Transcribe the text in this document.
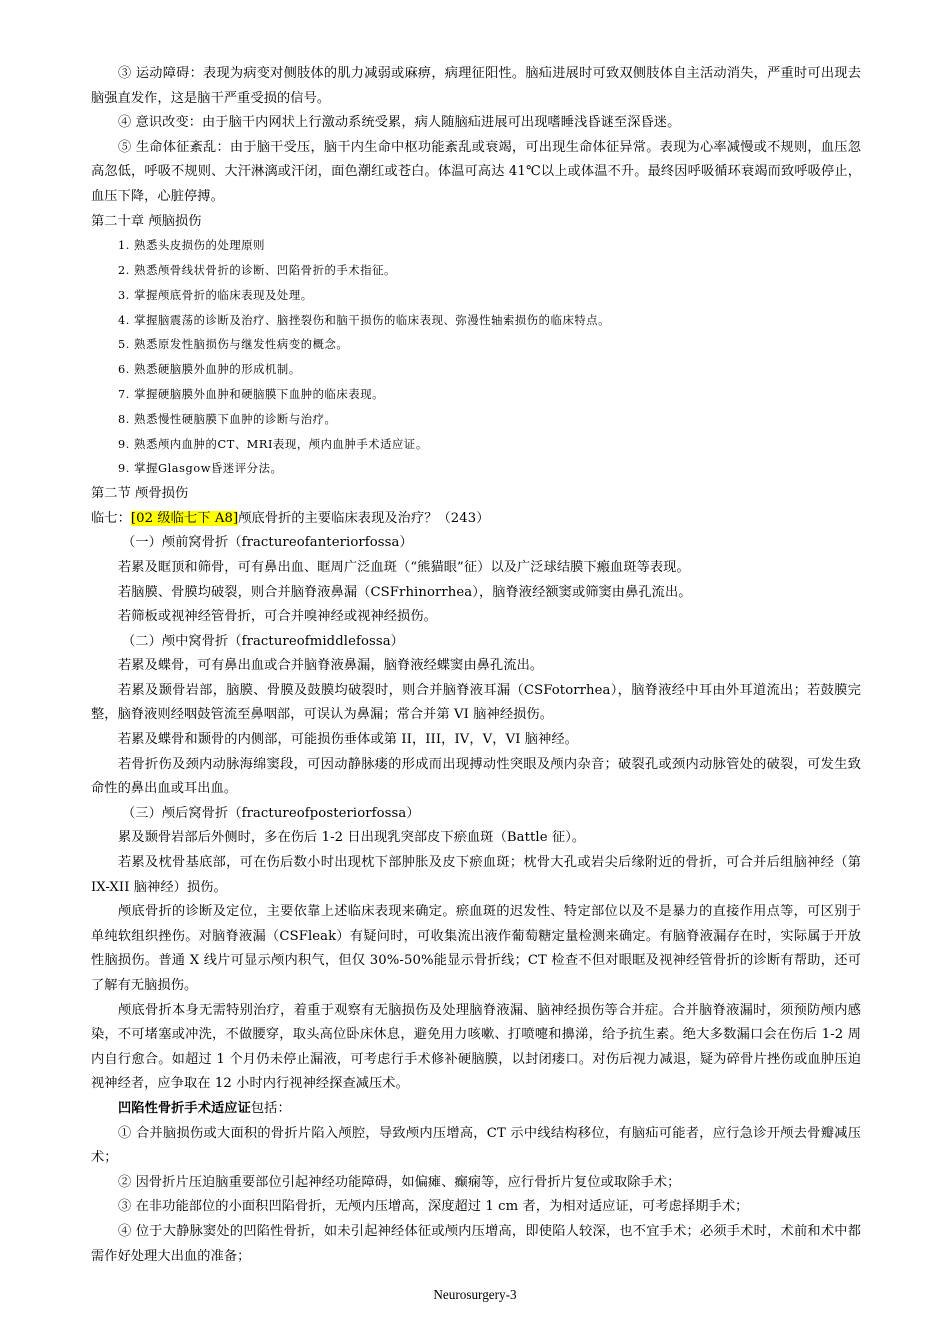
③ 运动障碍：表现为病变对侧肢体的肌力减弱或麻痹，病理征阳性。脑疝进展时可致双侧肢体自主活动消失，严重时可出现去脑强直发作，这是脑干严重受损的信号。

④ 意识改变：由于脑干内网状上行激动系统受累，病人随脑疝进展可出现嗜睡浅昏谜至深昏迷。

⑤ 生命体征紊乱：由于脑干受压，脑干内生命中枢功能紊乱或衰竭，可出现生命体征异常。表现为心率减慢或不规则，血压忽高忽低，呼吸不规则、大汗淋漓或汗闭，面色潮红或苍白。体温可高达 41℃以上或体温不升。最终因呼吸循环衰竭而致呼吸停止，血压下降，心脏停搏。

第二十章 颅脑损伤

1. 熟悉头皮损伤的处理原则

2. 熟悉颅骨线状骨折的诊断、凹陷骨折的手术指征。

3. 掌握颅底骨折的临床表现及处理。

4. 掌握脑震荡的诊断及治疗、脑挫裂伤和脑干损伤的临床表现、弥漫性轴索损伤的临床特点。

5. 熟悉原发性脑损伤与继发性病变的概念。

6. 熟悉硬脑膜外血肿的形成机制。

7. 掌握硬脑膜外血肿和硬脑膜下血肿的临床表现。

8. 熟悉慢性硬脑膜下血肿的诊断与治疗。

9. 熟悉颅内血肿的CT、MRI表现，颅内血肿手术适应证。

9. 掌握Glasgow昏迷评分法。

第二节 颅骨损伤

临七：[02 级临七下 A8]颅底骨折的主要临床表现及治疗？（243）

（一）颅前窝骨折（fractureofanteriorfossa）

若累及眶顶和筛骨，可有鼻出血、眶周广泛血斑（“熊猫眼”征）以及广泛球结膜下瘢血斑等表现。

若脑膜、骨膜均破裂，则合并脑脊液鼻漏（CSFrhinorrhea），脑脊液经额窦或筛窦由鼻孔流出。

若筛板或视神经管骨折，可合并嗅神经或视神经损伤。

（二）颅中窝骨折（fractureofmiddlefossa）

若累及蝶骨，可有鼻出血或合并脑脊液鼻漏，脑脊液经蝶窦由鼻孔流出。

若累及颞骨岩部，脑膜、骨膜及鼓膜均破裂时，则合并脑脊液耳漏（CSFotorrhea），脑脊液经中耳由外耳道流出；若鼓膜完整，脑脊液则经咽鼓管流至鼻咽部，可误认为鼻漏；常合并第 VI 脑神经损伤。

若累及蝶骨和颞骨的内侧部，可能损伤垂体或第 II，III，IV，V，VI 脑神经。

若骨折伤及颈内动脉海绵窦段，可因动静脉瘘的形成而出现搏动性突眼及颅内杂音；破裂孔或颈内动脉管处的破裂，可发生致命性的鼻出血或耳出血。

（三）颅后窝骨折（fractureofposteriorfossa）

累及颞骨岩部后外侧时，多在伤后 1-2 日出现乳突部皮下瘀血斑（Battle 征）。

若累及枕骨基底部，可在伤后数小时出现枕下部肿胀及皮下瘀血斑；枕骨大孔或岩尖后缘附近的骨折，可合并后组脑神经（第 IX-XII 脑神经）损伤。

颅底骨折的诊断及定位，主要依靠上述临床表现来确定。瘀血斑的迟发性、特定部位以及不是暴力的直接作用点等，可区别于单纯软组织挫伤。对脑脊液漏（CSFleak）有疑问时，可收集流出液作葡萄糖定量检测来确定。有脑脊液漏存在时，实际属于开放性脑损伤。普通 X 线片可显示颅内积气，但仅 30%-50%能显示骨折线；CT 检查不但对眼眶及视神经管骨折的诊断有帮助，还可了解有无脑损伤。

颅底骨折本身无需特别治疗，着重于观察有无脑损伤及处理脑脊液漏、脑神经损伤等合并症。合并脑脊液漏时，须预防颅内感染，不可堵塞或冲洗，不做腰穿，取头高位卧床休息，避免用力咳嗽、打喷嚏和擤涕，给予抗生素。绝大多数漏口会在伤后 1-2 周内自行愈合。如超过 1 个月仍未停止漏液，可考虑行手术修补硬脑膜，以封闭瘘口。对伤后视力减退，疑为碎骨片挫伤或血肿压迫视神经者，应争取在 12 小时内行视神经探查减压术。

凹陷性骨折手术适应证包括：

① 合并脑损伤或大面积的骨折片陷入颅腔，导致颅内压增高，CT 示中线结构移位，有脑疝可能者，应行急诊开颅去骨瓣减压术；

② 因骨折片压迫脑重要部位引起神经功能障碍，如偏瘫、癫痫等，应行骨折片复位或取除手术；

③ 在非功能部位的小面积凹陷骨折，无颅内压增高，深度超过 1 cm 者，为相对适应证，可考虑择期手术；

④ 位于大静脉窦处的凹陷性骨折，如未引起神经体征或颅内压增高，即使陷人较深，也不宜手术；必须手术时，术前和术中都需作好处理大出血的准备；

Neurosurgery-3
